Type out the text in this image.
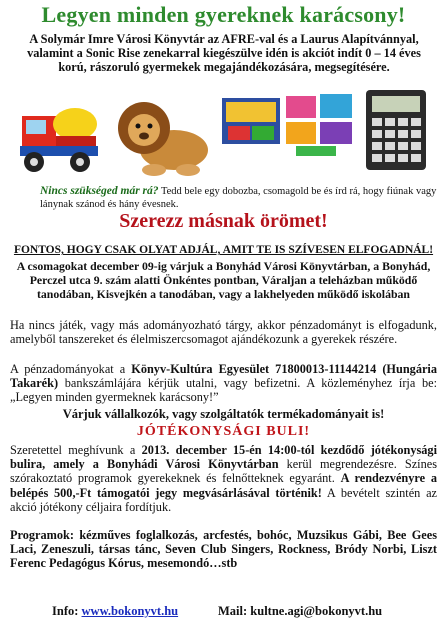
Legyen minden gyereknek karácsony!
A Solymár Imre Városi Könyvtár az AFRE-val és a Laurus Alapítvánnyal, valamint a Sonic Rise zenekarral kiegészülve idén is akciót indít 0 – 14 éves korú, rászoruló gyermekek megajándékozására, megsegítésére.
Nincs szükséged már rá? Tedd bele egy dobozba, csomagold be és írd rá, hogy fiúnak vagy lánynak szánod és hány évesnek.
Szerezz másnak örömet!
FONTOS, HOGY CSAK OLYAT ADJÁL, AMIT TE IS SZÍVESEN ELFOGADNÁL!
A csomagokat december 09-ig várjuk a Bonyhád Városi Könyvtárban, a Bonyhád, Perczel utca 9. szám alatti Önkéntes pontban, Váraljan a teleházban működő tanodában, Kisvejkén a tanodában, vagy a lakhelyeden működő iskolában
Ha nincs játék, vagy más adományozható tárgy, akkor pénzadományt is elfogadunk, amelyből tanszereket és élelmiszercsomagot ajándékozunk a gyerekek részére.
A pénzadományokat a Könyv-Kultúra Egyesület 71800013-11144214 (Hungária Takarék) bankszámlájára kérjük utalni, vagy befizetni. A közleményhez írja be: „Legyen minden gyermeknek karácsony!”
Várjuk vállalkozók, vagy szolgáltatók termékadományait is!
JÓTÉKONYSÁGI BULI!
Szeretettel meghívunk a 2013. december 15-én 14:00-tól kezdődő jótékonysági bulira, amely a Bonyhádi Városi Könyvtárban kerül megrendezésre. Színes szórakoztató programok gyerekeknek és felnőtteknek egyaránt. A rendezvényre a belépés 500,-Ft támogatói jegy megvásárlásával történik! A bevételt szintén az akció jótékony céljaira fordítjuk.
Programok: kézműves foglalkozás, arcfestés, bohóc, Muzsikus Gábi, Bee Gees Laci, Zeneszuli, társas tánc, Seven Club Singers, Rockness, Bródy Norbi, Liszt Ferenc Pedagógus Kórus, mesemondó…stb
Info: www.bokonyvt.hu	Mail: kultne.agi@bokonyvt.hu
